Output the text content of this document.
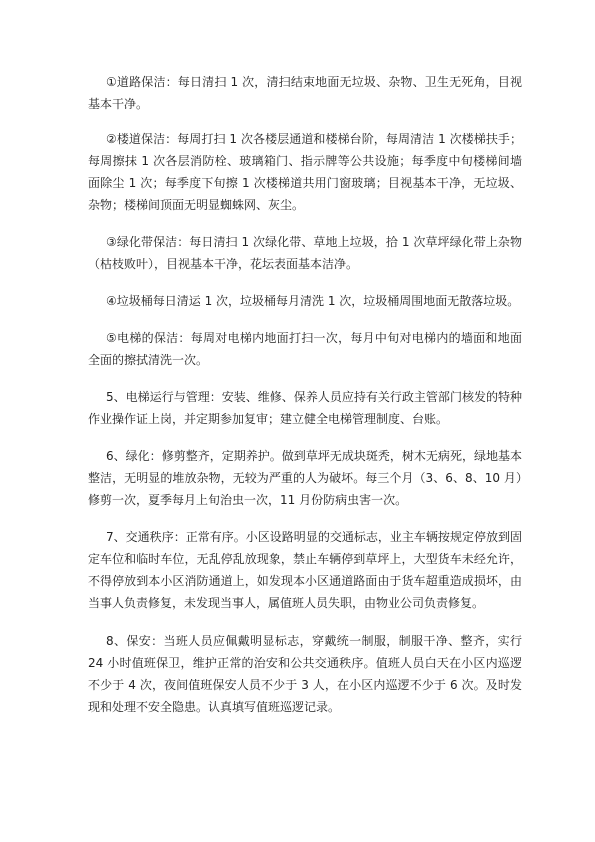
①道路保洁：每日清扫 1 次，清扫结束地面无垃圾、杂物、卫生无死角，目视基本干净。

②楼道保洁：每周打扫 1 次各楼层通道和楼梯台阶，每周清洁 1 次楼梯扶手；每周擦抹 1 次各层消防栓、玻璃箱门、指示牌等公共设施；每季度中旬楼梯间墙面除尘 1 次；每季度下旬擦 1 次楼梯道共用门窗玻璃；目视基本干净，无垃圾、杂物；楼梯间顶面无明显蜘蛛网、灰尘。

③绿化带保洁：每日清扫 1 次绿化带、草地上垃圾，拾 1 次草坪绿化带上杂物（枯枝败叶），目视基本干净，花坛表面基本洁净。

④垃圾桶每日清运 1 次，垃圾桶每月清洗 1 次，垃圾桶周围地面无散落垃圾。

⑤电梯的保洁：每周对电梯内地面打扫一次，每月中旬对电梯内的墙面和地面全面的擦拭清洗一次。

5、电梯运行与管理：安装、维修、保养人员应持有关行政主管部门核发的特种作业操作证上岗，并定期参加复审；建立健全电梯管理制度、台账。

6、绿化：修剪整齐，定期养护。做到草坪无成块斑秃，树木无病死，绿地基本整洁，无明显的堆放杂物，无较为严重的人为破坏。每三个月（3、6、8、10 月）修剪一次，夏季每月上旬治虫一次，11 月份防病虫害一次。

7、交通秩序：正常有序。小区设路明显的交通标志，业主车辆按规定停放到固定车位和临时车位，无乱停乱放现象，禁止车辆停到草坪上，大型货车未经允许，不得停放到本小区消防通道上，如发现本小区通道路面由于货车超重造成损坏，由当事人负责修复，未发现当事人，属值班人员失职，由物业公司负责修复。

8、保安：当班人员应佩戴明显标志，穿戴统一制服，制服干净、整齐，实行 24 小时值班保卫，维护正常的治安和公共交通秩序。值班人员白天在小区内巡逻不少于 4 次，夜间值班保安人员不少于 3 人，在小区内巡逻不少于 6 次。及时发现和处理不安全隐患。认真填写值班巡逻记录。
